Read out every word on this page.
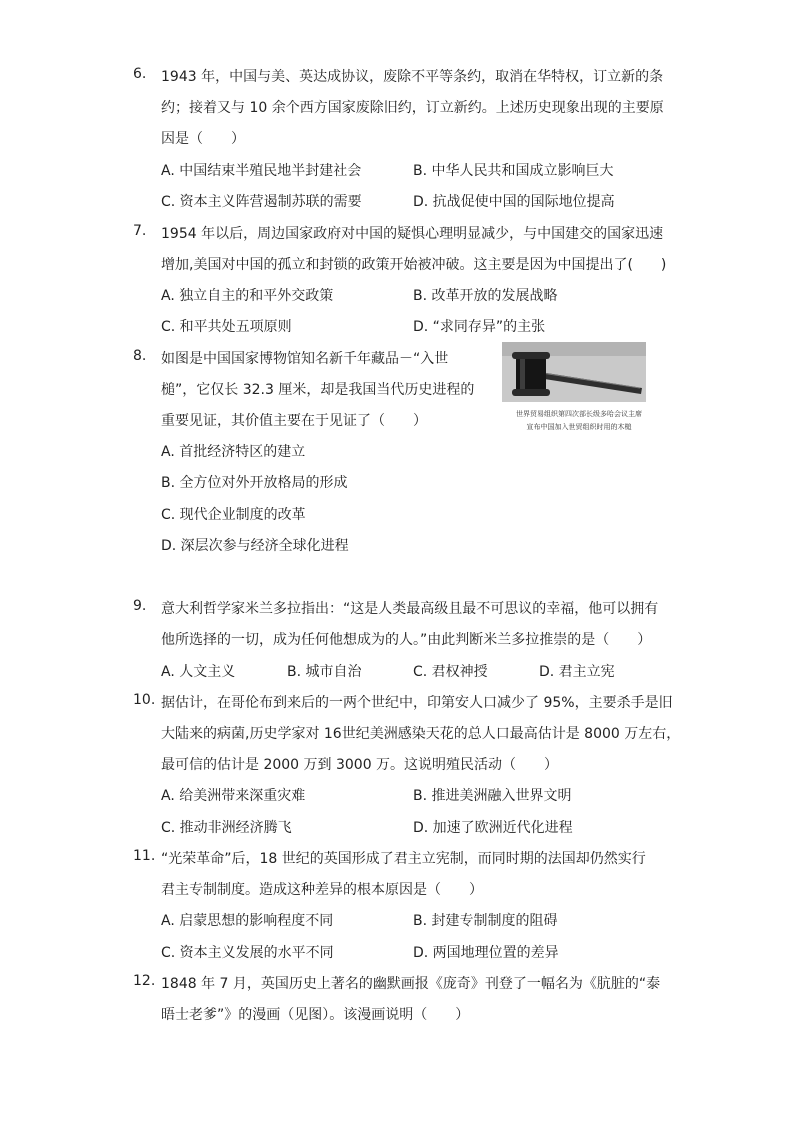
6.	1943 年，中国与美、英达成协议，废除不平等条约，取消在华特权，订立新的条
约；接着又与 10 余个西方国家废除旧约，订立新约。上述历史现象出现的主要原
因是（　　）
A. 中国结束半殖民地半封建社会	B. 中华人民共和国成立影响巨大
C. 资本主义阵营遏制苏联的需要	D. 抗战促使中国的国际地位提高
7.	1954 年以后，周边国家政府对中国的疑惧心理明显减少，与中国建交的国家迅速
增加,美国对中国的孤立和封锁的政策开始被冲破。这主要是因为中国提出了(　　)
A. 独立自主的和平外交政策	B. 改革开放的发展战略
C. 和平共处五项原则	D. “求同存异”的主张
8.	如图是中国国家博物馆知名新千年藏品－“入世
槌”，它仅长 32.3 厘米，却是我国当代历史进程的
重要见证，其价值主要在于见证了（　　）
A. 首批经济特区的建立
B. 全方位对外开放格局的形成
C. 现代企业制度的改革
D. 深层次参与经济全球化进程
世界贸易组织第四次部长级多哈会议主席
宣布中国加入世贸组织时用的木槌
9.	意大利哲学家米兰多拉指出：“这是人类最高级且最不可思议的幸福，他可以拥有
他所选择的一切，成为任何他想成为的人。”由此判断米兰多拉推崇的是（　　）
A. 人文主义	B. 城市自治	C. 君权神授	D. 君主立宪
10. 据估计，在哥伦布到来后的一两个世纪中，印第安人口减少了 95%，主要杀手是旧
大陆来的病菌,历史学家对 16世纪美洲感染天花的总人口最高估计是 8000 万左右，
最可信的估计是 2000 万到 3000 万。这说明殖民活动（　　）
A. 给美洲带来深重灾难	B. 推进美洲融入世界文明
C. 推动非洲经济腾飞	D. 加速了欧洲近代化进程
11. “光荣革命”后，18 世纪的英国形成了君主立宪制，而同时期的法国却仍然实行
君主专制制度。造成这种差异的根本原因是（　　）
A. 启蒙思想的影响程度不同	B. 封建专制制度的阻碍
C. 资本主义发展的水平不同	D. 两国地理位置的差异
12. 1848 年 7 月，英国历史上著名的幽默画报《庞奇》刊登了一幅名为《肮脏的“泰
晤士老爹”》的漫画（见图）。该漫画说明（　　）
